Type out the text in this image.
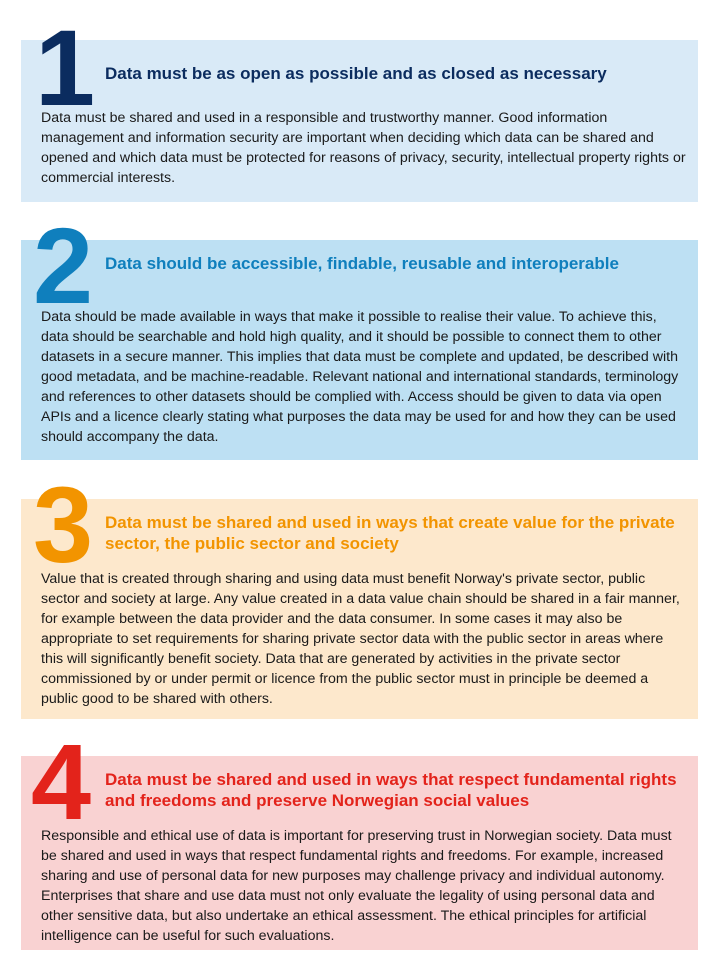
1 Data must be as open as possible and as closed as necessary
Data must be shared and used in a responsible and trustworthy manner. Good information management and information security are important when deciding which data can be shared and opened and which data must be protected for reasons of privacy, security, intellectual property rights or commercial interests.
2 Data should be accessible, findable, reusable and interoperable
Data should be made available in ways that make it possible to realise their value. To achieve this, data should be searchable and hold high quality, and it should be possible to connect them to other datasets in a secure manner. This implies that data must be complete and updated, be described with good metadata, and be machine-readable. Relevant national and international standards, terminology and references to other datasets should be complied with. Access should be given to data via open APIs and a licence clearly stating what purposes the data may be used for and how they can be used should accompany the data.
3 Data must be shared and used in ways that create value for the private sector, the public sector and society
Value that is created through sharing and using data must benefit Norway's private sector, public sector and society at large. Any value created in a data value chain should be shared in a fair manner, for example between the data provider and the data consumer. In some cases it may also be appropriate to set requirements for sharing private sector data with the public sector in areas where this will significantly benefit society. Data that are generated by activities in the private sector commissioned by or under permit or licence from the public sector must in principle be deemed a public good to be shared with others.
4 Data must be shared and used in ways that respect fundamental rights and freedoms and preserve Norwegian social values
Responsible and ethical use of data is important for preserving trust in Norwegian society. Data must be shared and used in ways that respect fundamental rights and freedoms. For example, increased sharing and use of personal data for new purposes may challenge privacy and individual autonomy. Enterprises that share and use data must not only evaluate the legality of using personal data and other sensitive data, but also undertake an ethical assessment. The ethical principles for artificial intelligence can be useful for such evaluations.
